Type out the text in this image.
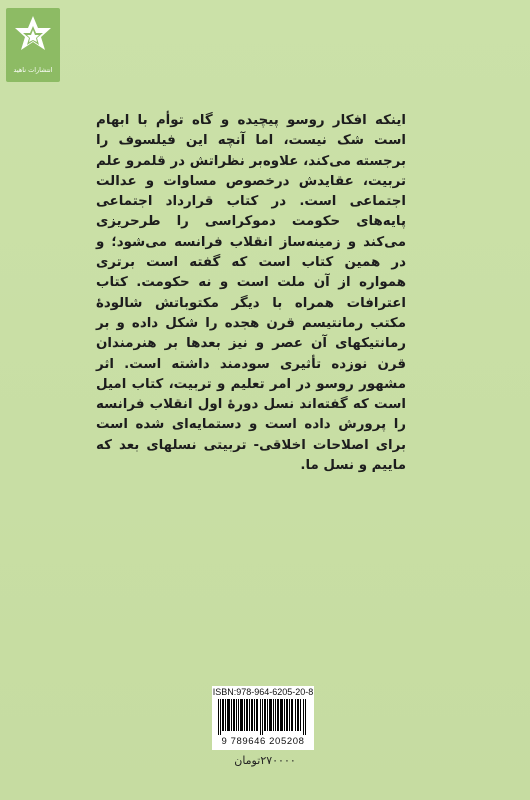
انتشارات ناهید

اینکه افکار روسو پیچیده و گاه توأم با ابهام است شک نیست، اما آنچه این فیلسوف را برجسته می‌کند، علاوه‌بر نظراتش در قلمرو علم تربیت، عقایدش درخصوص مساوات و عدالت اجتماعی است. در کتاب قرارداد اجتماعی پایه‌های حکومت دموکراسی را طرحریزی می‌کند و زمینه‌ساز انقلاب فرانسه می‌شود؛ و در همین کتاب است که گفته است برتری همواره از آن ملت است و نه حکومت. کتاب اعترافات همراه با دیگر مکتوباتش شالودهٔ مکتب رمانتیسم قرن هجده را شکل داده و بر رمانتیکهای آن عصر و نیز بعدها بر هنرمندان قرن نوزده تأثیری سودمند داشته است. اثر مشهور روسو در امر تعلیم و تربیت، کتاب امیل است که گفته‌اند نسل دورهٔ اول انقلاب فرانسه را پرورش داده است و دستمایه‌ای شده است برای اصلاحات اخلاقی- تربیتی نسلهای بعد که ماییم و نسل ما.

ISBN:978-964-6205-20-8
9 789646 205208
۲۷۰۰۰۰تومان
